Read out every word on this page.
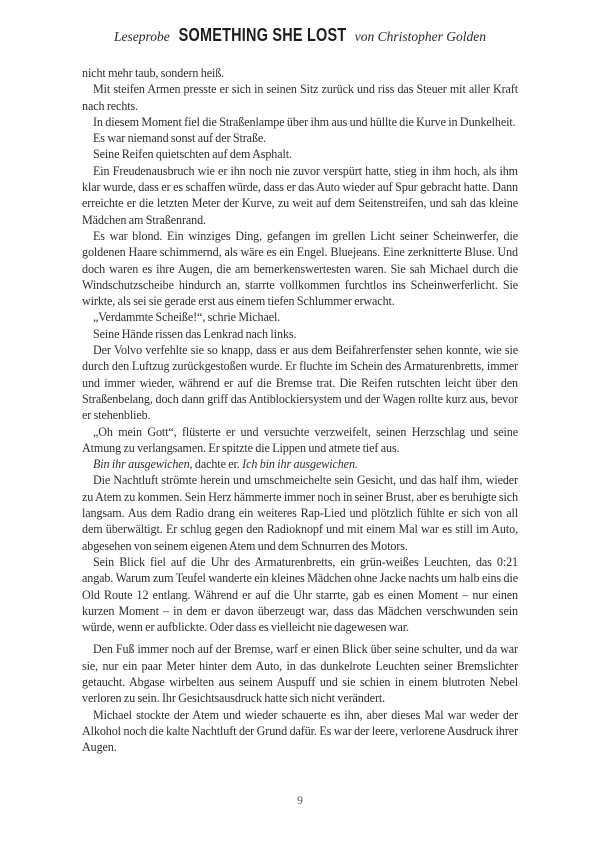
Leseprobe SOMETHING SHE LOST von Christopher Golden

nicht mehr taub, sondern heiß.

Mit steifen Armen presste er sich in seinen Sitz zurück und riss das Steuer mit aller Kraft nach rechts.

In diesem Moment fiel die Straßenlampe über ihm aus und hüllte die Kurve in Dunkelheit.

Es war niemand sonst auf der Straße.

Seine Reifen quietschten auf dem Asphalt.

Ein Freudenausbruch wie er ihn noch nie zuvor verspürt hatte, stieg in ihm hoch, als ihm klar wurde, dass er es schaffen würde, dass er das Auto wieder auf Spur gebracht hatte. Dann erreichte er die letzten Meter der Kurve, zu weit auf dem Seitenstreifen, und sah das kleine Mädchen am Straßenrand.

Es war blond. Ein winziges Ding, gefangen im grellen Licht seiner Scheinwerfer, die goldenen Haare schimmernd, als wäre es ein Engel. Bluejeans. Eine zerknitterte Bluse. Und doch waren es ihre Augen, die am bemerkenswertesten waren. Sie sah Michael durch die Windschutzscheibe hindurch an, starrte vollkommen furchtlos ins Scheinwerferlicht. Sie wirkte, als sei sie gerade erst aus einem tiefen Schlummer erwacht.

„Verdammte Scheiße!“, schrie Michael.

Seine Hände rissen das Lenkrad nach links.

Der Volvo verfehlte sie so knapp, dass er aus dem Beifahrerfenster sehen konnte, wie sie durch den Luftzug zurückgestoßen wurde. Er fluchte im Schein des Armaturenbretts, immer und immer wieder, während er auf die Bremse trat. Die Reifen rutschten leicht über den Straßenbelang, doch dann griff das Antiblockiersystem und der Wagen rollte kurz aus, bevor er stehenblieb.

„Oh mein Gott“, flüsterte er und versuchte verzweifelt, seinen Herzschlag und seine Atmung zu verlangsamen. Er spitzte die Lippen und atmete tief aus.

Bin ihr ausgewichen, dachte er. Ich bin ihr ausgewichen.

Die Nachtluft strömte herein und umschmeichelte sein Gesicht, und das half ihm, wieder zu Atem zu kommen. Sein Herz hämmerte immer noch in seiner Brust, aber es beruhigte sich langsam. Aus dem Radio drang ein weiteres Rap-Lied und plötzlich fühlte er sich von all dem überwältigt. Er schlug gegen den Radioknopf und mit einem Mal war es still im Auto, abgesehen von seinem eigenen Atem und dem Schnurren des Motors.

Sein Blick fiel auf die Uhr des Armaturenbretts, ein grün-weißes Leuchten, das 0:21 angab. Warum zum Teufel wanderte ein kleines Mädchen ohne Jacke nachts um halb eins die Old Route 12 entlang. Während er auf die Uhr starrte, gab es einen Moment – nur einen kurzen Moment – in dem er davon überzeugt war, dass das Mädchen verschwunden sein würde, wenn er aufblickte. Oder dass es vielleicht nie dagewesen war.

Den Fuß immer noch auf der Bremse, warf er einen Blick über seine schulter, und da war sie, nur ein paar Meter hinter dem Auto, in das dunkelrote Leuchten seiner Bremslichter getaucht. Abgase wirbelten aus seinem Auspuff und sie schien in einem blutroten Nebel verloren zu sein. Ihr Gesichtsausdruck hatte sich nicht verändert.

Michael stockte der Atem und wieder schauerte es ihn, aber dieses Mal war weder der Alkohol noch die kalte Nachtluft der Grund dafür. Es war der leere, verlorene Ausdruck ihrer Augen.

9
